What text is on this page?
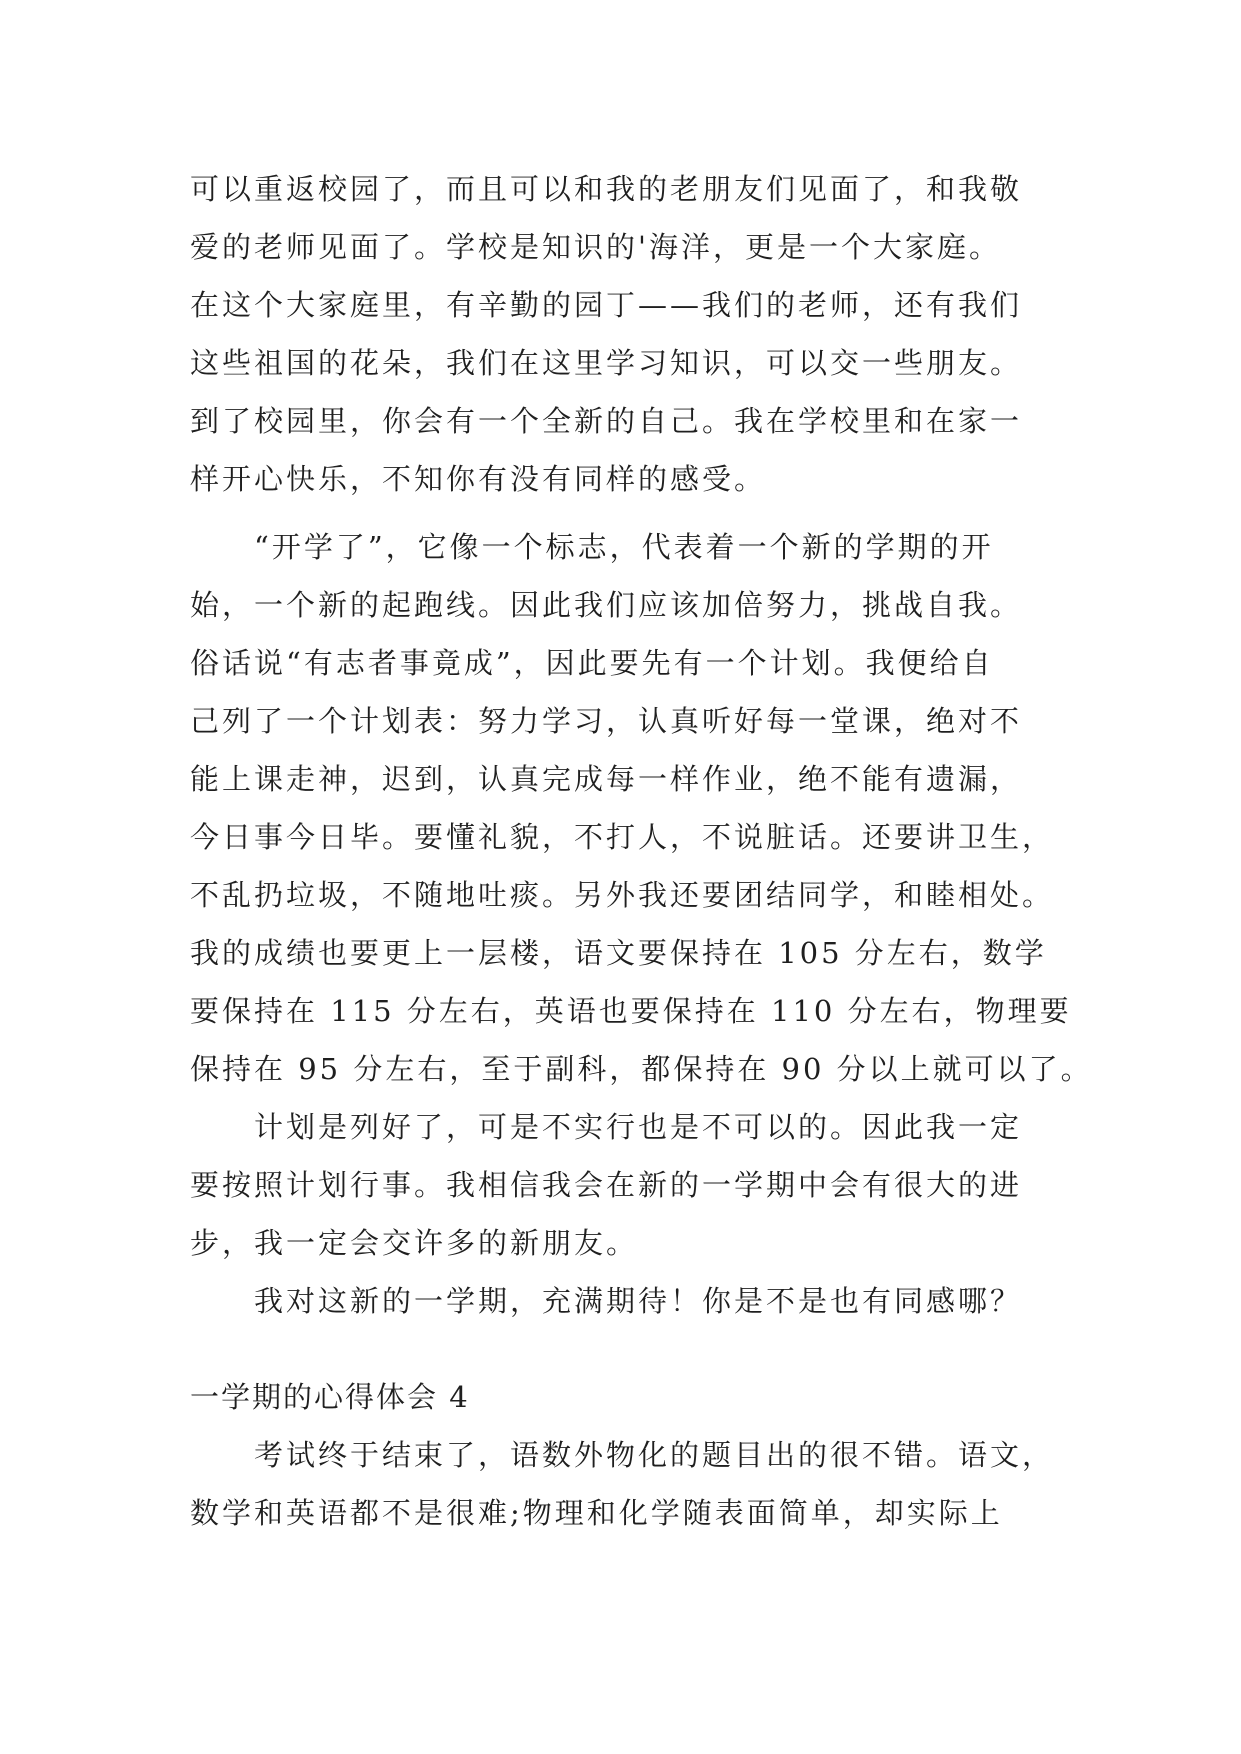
可以重返校园了，而且可以和我的老朋友们见面了，和我敬
爱的老师见面了。学校是知识的'海洋，更是一个大家庭。
在这个大家庭里，有辛勤的园丁——我们的老师，还有我们
这些祖国的花朵，我们在这里学习知识，可以交一些朋友。
到了校园里，你会有一个全新的自己。我在学校里和在家一
样开心快乐，不知你有没有同样的感受。
“开学了”，它像一个标志，代表着一个新的学期的开
始，一个新的起跑线。因此我们应该加倍努力，挑战自我。
俗话说“有志者事竟成”，因此要先有一个计划。我便给自
己列了一个计划表：努力学习，认真听好每一堂课，绝对不
能上课走神，迟到，认真完成每一样作业，绝不能有遗漏，
今日事今日毕。要懂礼貌，不打人，不说脏话。还要讲卫生，
不乱扔垃圾，不随地吐痰。另外我还要团结同学，和睦相处。
我的成绩也要更上一层楼，语文要保持在 105 分左右，数学
要保持在 115 分左右，英语也要保持在 110 分左右，物理要
保持在 95 分左右，至于副科，都保持在 90 分以上就可以了。
计划是列好了，可是不实行也是不可以的。因此我一定
要按照计划行事。我相信我会在新的一学期中会有很大的进
步，我一定会交许多的新朋友。
我对这新的一学期，充满期待！你是不是也有同感哪？
一学期的心得体会 4
考试终于结束了，语数外物化的题目出的很不错。语文，
数学和英语都不是很难;物理和化学随表面简单，却实际上
